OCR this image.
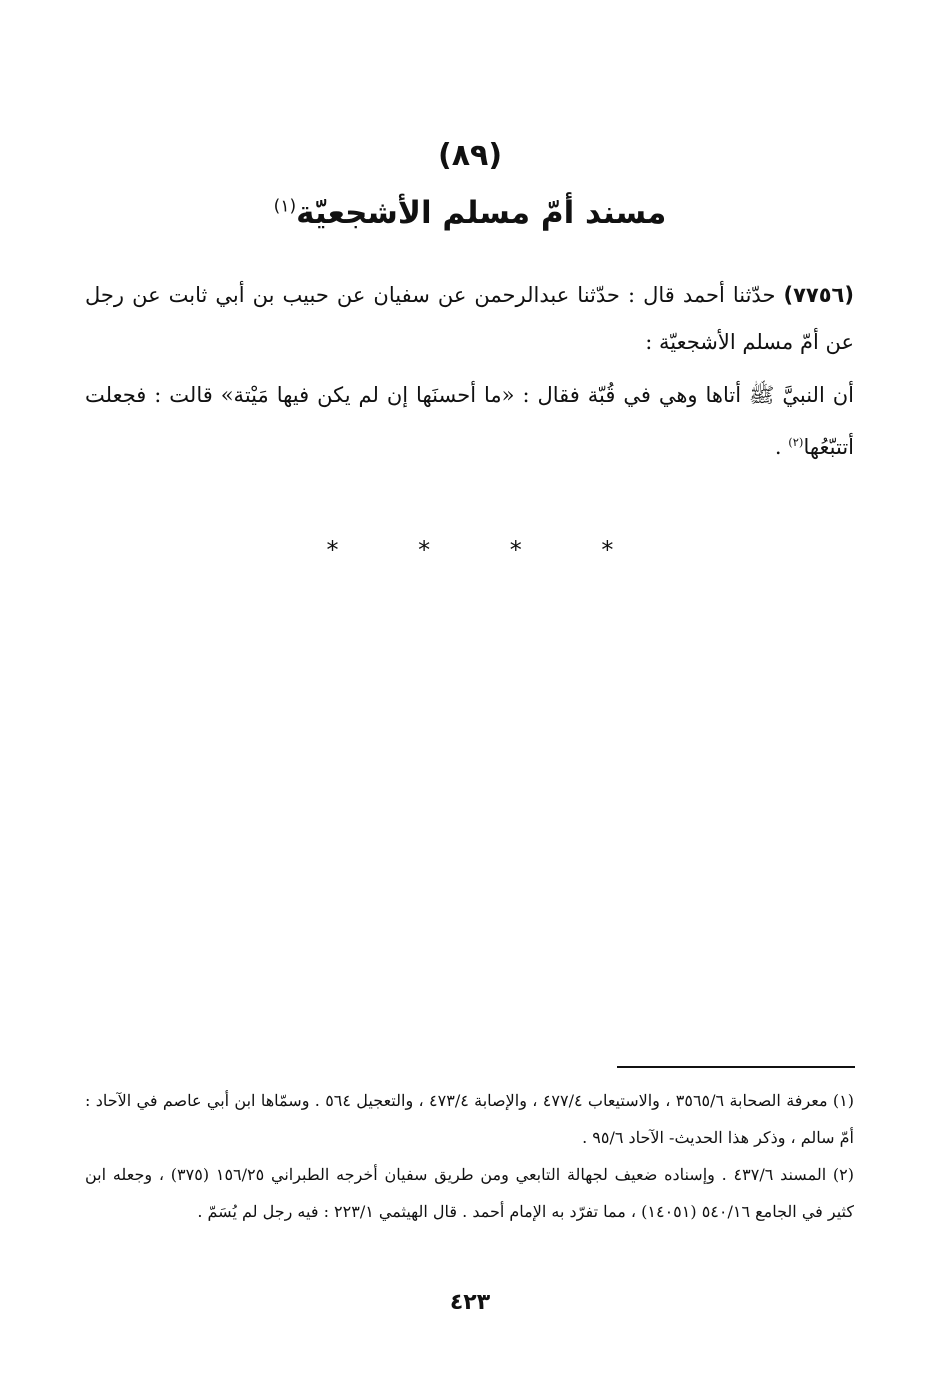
(٨٩)
مسند أمّ مسلم الأشجعيّة$^{(١)}$

(٧٧٥٦) حدّثنا أحمد قال : حدّثنا عبدالرحمن عن سفيان عن حبيب بن أبي ثابت عن رجل عن أمّ مسلم الأشجعيّة :

أن النبيَّ ﷺ أتاها وهي في قُبّة فقال : «ما أحسنَها إن لم يكن فيها مَيْتة» قالت : فجعلت أتتبّعُها$^{(٢)}$ .

* * * *

(١) معرفة الصحابة ٣٥٦٥/٦ ، والاستيعاب ٤٧٧/٤ ، والإصابة ٤٧٣/٤ ، والتعجيل ٥٦٤ . وسمّاها ابن أبي عاصم في الآحاد : أمّ سالم ، وذكر هذا الحديث- الآحاد ٩٥/٦ .

(٢) المسند ٤٣٧/٦ . وإسناده ضعيف لجهالة التابعي ومن طريق سفيان أخرجه الطبراني ١٥٦/٢٥ (٣٧٥) ، وجعله ابن كثير في الجامع ٥٤٠/١٦ (١٤٠٥١) ، مما تفرّد به الإمام أحمد . قال الهيثمي ٢٢٣/١ : فيه رجل لم يُسَمّ .

٤٢٣
